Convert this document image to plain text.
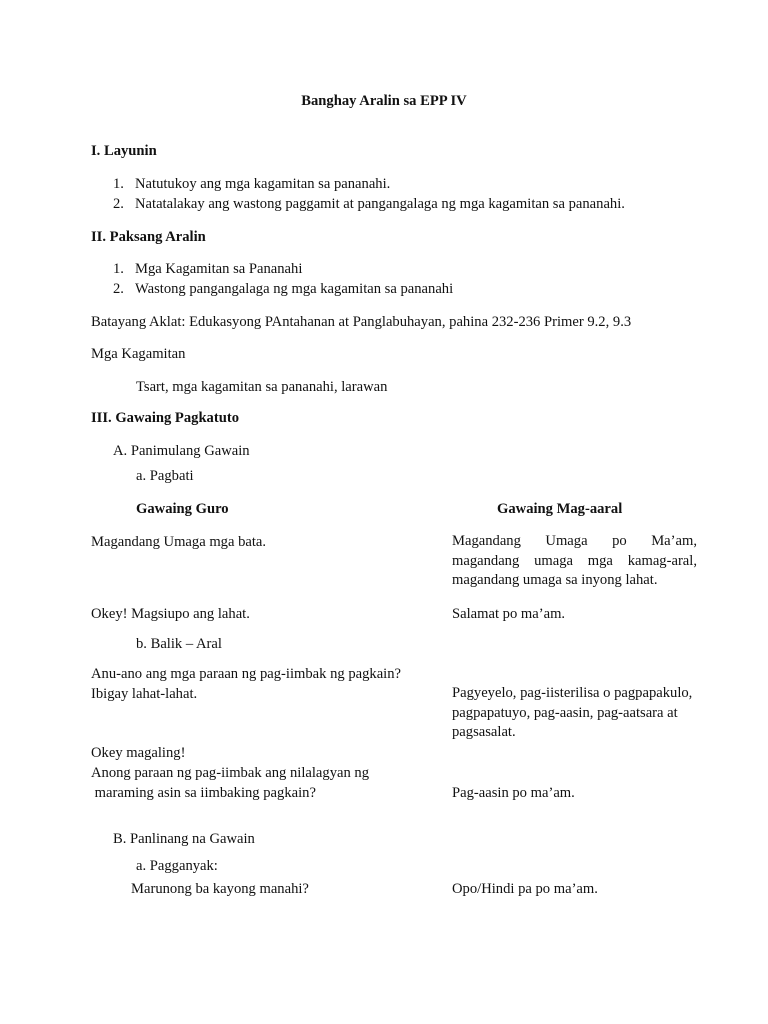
Banghay Aralin sa EPP IV
I. Layunin
1. Natutukoy ang mga kagamitan sa pananahi.
2. Natatalakay ang wastong paggamit at pangangalaga ng mga kagamitan sa pananahi.
II. Paksang Aralin
1. Mga Kagamitan sa Pananahi
2. Wastong pangangalaga ng mga kagamitan sa pananahi
Batayang Aklat: Edukasyong PAntahanan at Panglabuhayan, pahina 232-236 Primer 9.2, 9.3
Mga Kagamitan
Tsart, mga kagamitan sa pananahi, larawan
III. Gawaing Pagkatuto
A. Panimulang Gawain
a. Pagbati
Gawaing Guro	Gawaing Mag-aaral
Magandang Umaga mga bata.	Magandang Umaga po Ma’am, magandang umaga mga kamag-aral, magandang umaga sa inyong lahat.
Okey! Magsiupo ang lahat.	Salamat po ma’am.
b. Balik – Aral
Anu-ano ang mga paraan ng pag-iimbak ng pagkain?
Ibigay lahat-lahat.	Pagyeyelo, pag-iisterilisa o pagpapakulo, pagpapatuyo, pag-aasin, pag-aatsara at pagsasalat.
Okey magaling!
Anong paraan ng pag-iimbak ang nilalagyan ng
maraming asin sa iimbaking pagkain?	Pag-aasin po ma’am.
B. Panlinang na Gawain
a. Pagganyak:
Marunong ba kayong manahi?	Opo/Hindi pa po ma’am.
